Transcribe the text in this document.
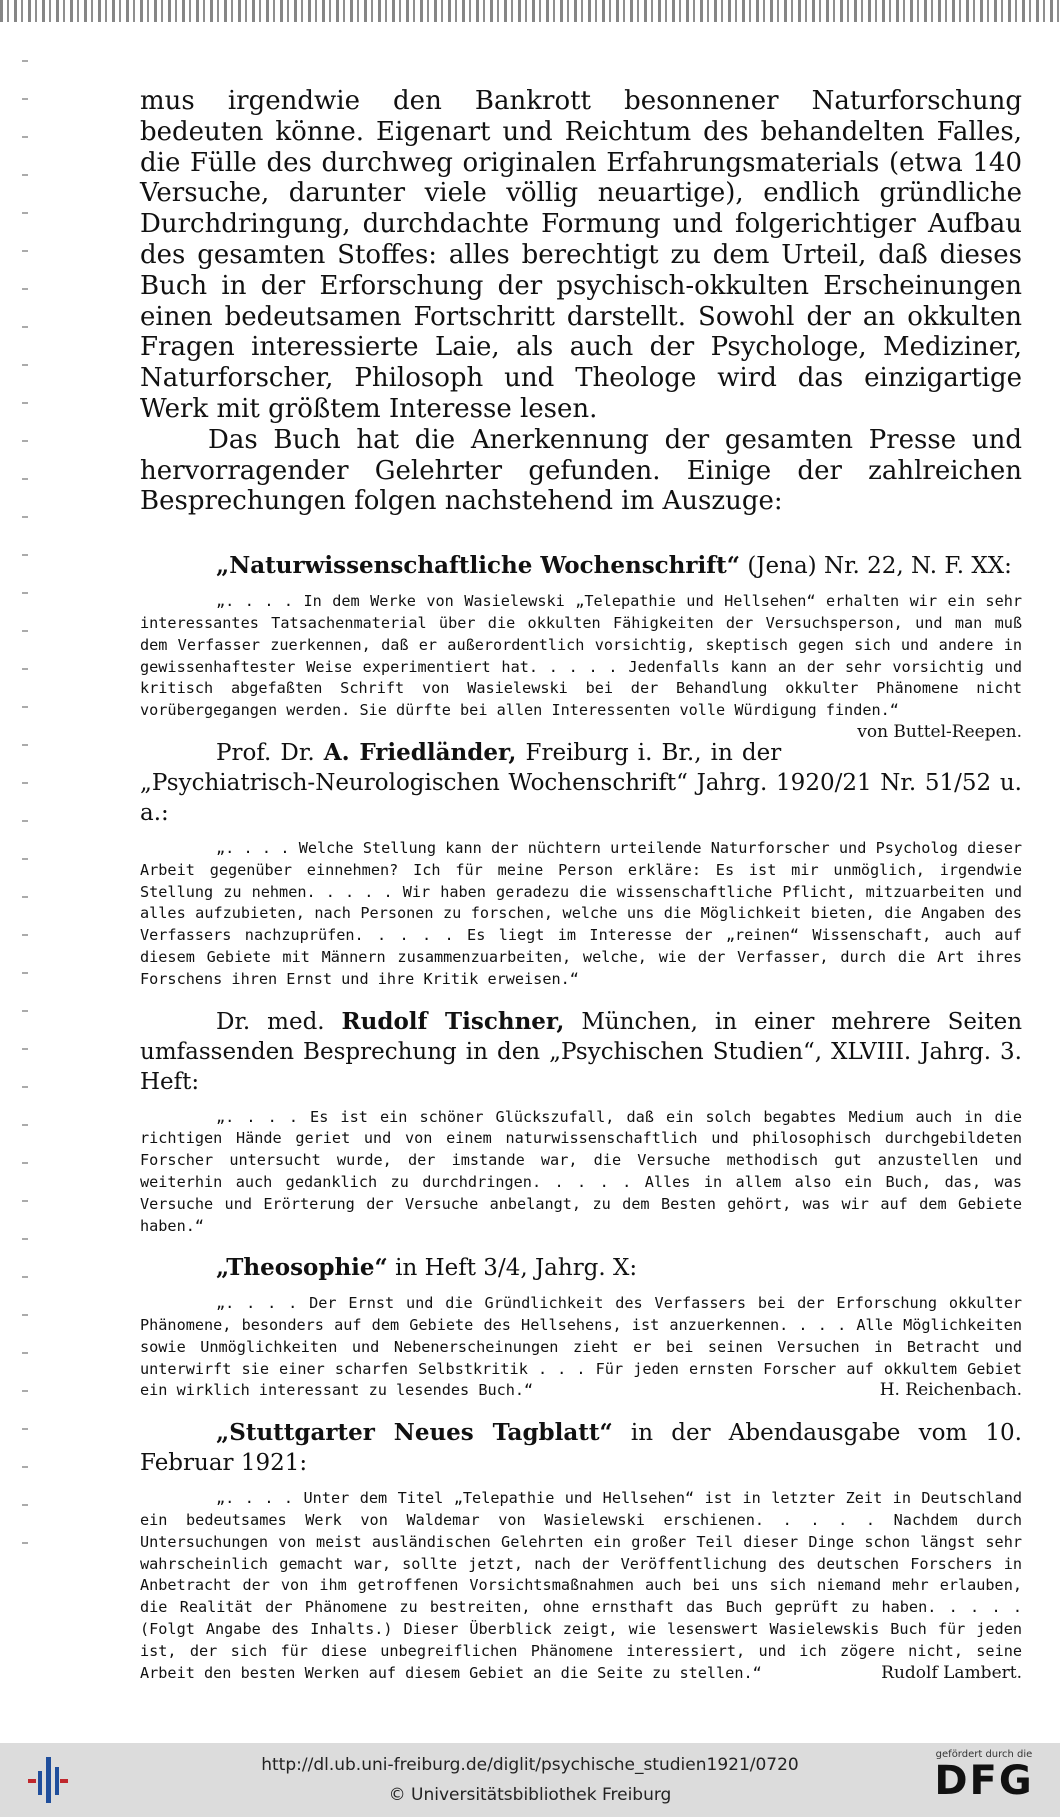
mus irgendwie den Bankrott besonnener Naturforschung bedeuten könne. Eigenart und Reichtum des behandelten Falles, die Fülle des durchweg originalen Erfahrungsmaterials (etwa 140 Versuche, darunter viele völlig neuartige), endlich gründliche Durchdringung, durchdachte Formung und folgerichtiger Aufbau des gesamten Stoffes: alles berechtigt zu dem Urteil, daß dieses Buch in der Erforschung der psychisch-okkulten Erscheinungen einen bedeutsamen Fortschritt darstellt. Sowohl der an okkulten Fragen interessierte Laie, als auch der Psychologe, Mediziner, Naturforscher, Philosoph und Theologe wird das einzigartige Werk mit größtem Interesse lesen.

Das Buch hat die Anerkennung der gesamten Presse und hervorragender Gelehrter gefunden. Einige der zahlreichen Besprechungen folgen nachstehend im Auszuge:

„Naturwissenschaftliche Wochenschrift“ (Jena) Nr. 22, N. F. XX:

„. . . . In dem Werke von Wasielewski „Telepathie und Hellsehen“ erhalten wir ein sehr interessantes Tatsachenmaterial über die okkulten Fähigkeiten der Versuchsperson, und man muß dem Verfasser zuerkennen, daß er außerordentlich vorsichtig, skeptisch gegen sich und andere in gewissenhaftester Weise experimentiert hat. . . . . Jedenfalls kann an der sehr vorsichtig und kritisch abgefaßten Schrift von Wasielewski bei der Behandlung okkulter Phänomene nicht vorübergegangen werden. Sie dürfte bei allen Interessenten volle Würdigung finden.“
von Buttel-Reepen.

Prof. Dr. A. Friedländer, Freiburg i. Br., in der „Psychiatrisch-Neurologischen Wochenschrift“ Jahrg. 1920/21 Nr. 51/52 u. a.:

„. . . . Welche Stellung kann der nüchtern urteilende Naturforscher und Psycholog dieser Arbeit gegenüber einnehmen? Ich für meine Person erkläre: Es ist mir unmöglich, irgendwie Stellung zu nehmen. . . . . Wir haben geradezu die wissenschaftliche Pflicht, mitzuarbeiten und alles aufzubieten, nach Personen zu forschen, welche uns die Möglichkeit bieten, die Angaben des Verfassers nachzuprüfen. . . . . Es liegt im Interesse der „reinen“ Wissenschaft, auch auf diesem Gebiete mit Männern zusammenzuarbeiten, welche, wie der Verfasser, durch die Art ihres Forschens ihren Ernst und ihre Kritik erweisen.“

Dr. med. Rudolf Tischner, München, in einer mehrere Seiten umfassenden Besprechung in den „Psychischen Studien“, XLVIII. Jahrg. 3. Heft:

„. . . . Es ist ein schöner Glückszufall, daß ein solch begabtes Medium auch in die richtigen Hände geriet und von einem naturwissenschaftlich und philosophisch durchgebildeten Forscher untersucht wurde, der imstande war, die Versuche methodisch gut anzustellen und weiterhin auch gedanklich zu durchdringen. . . . . Alles in allem also ein Buch, das, was Versuche und Erörterung der Versuche anbelangt, zu dem Besten gehört, was wir auf dem Gebiete haben.“

„Theosophie“ in Heft 3/4, Jahrg. X:

„. . . . Der Ernst und die Gründlichkeit des Verfassers bei der Erforschung okkulter Phänomene, besonders auf dem Gebiete des Hellsehens, ist anzuerkennen. . . . Alle Möglichkeiten sowie Unmöglichkeiten und Nebenerscheinungen zieht er bei seinen Versuchen in Betracht und unterwirft sie einer scharfen Selbstkritik . . . Für jeden ernsten Forscher auf okkultem Gebiet ein wirklich interessant zu lesendes Buch.“	H. Reichenbach.

„Stuttgarter Neues Tagblatt“ in der Abendausgabe vom 10. Februar 1921:

„. . . . Unter dem Titel „Telepathie und Hellsehen“ ist in letzter Zeit in Deutschland ein bedeutsames Werk von Waldemar von Wasielewski erschienen. . . . . Nachdem durch Untersuchungen von meist ausländischen Gelehrten ein großer Teil dieser Dinge schon längst sehr wahrscheinlich gemacht war, sollte jetzt, nach der Veröffentlichung des deutschen Forschers in Anbetracht der von ihm getroffenen Vorsichtsmaßnahmen auch bei uns sich niemand mehr erlauben, die Realität der Phänomene zu bestreiten, ohne ernsthaft das Buch geprüft zu haben. . . . . (Folgt Angabe des Inhalts.) Dieser Überblick zeigt, wie lesenswert Wasielewskis Buch für jeden ist, der sich für diese unbegreiflichen Phänomene interessiert, und ich zögere nicht, seine Arbeit den besten Werken auf diesem Gebiet an die Seite zu stellen.“	Rudolf Lambert.

http://dl.ub.uni-freiburg.de/diglit/psychische_studien1921/0720
© Universitätsbibliothek Freiburg
gefördert durch die
DFG
